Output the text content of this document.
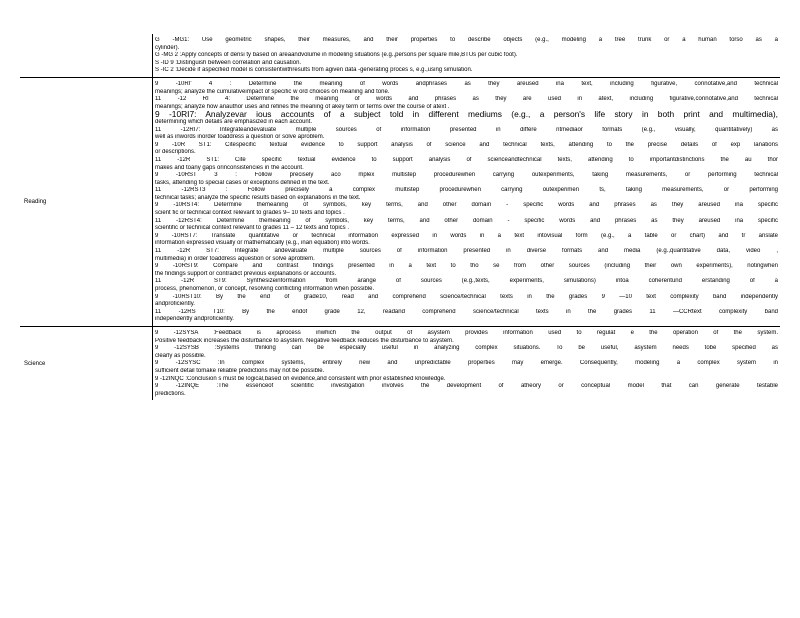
G -MG1: Use geometric shapes, their measures, and their properties to describe objects (e.g., modeling a tree trunk or a human torso as a
cylinder).
G -MG 2 :Apply concepts of densi ty based on areaandvolume in modeling situations (e.g.,persons per square mile,BTUs per cubic foot).
S -ID 9 :Distinguish between correlation and causation.
S -IC 2 :Decide if aspecified model is consistentwithresults from agiven data -generating proces s, e.g.,using simulation.
Reading
9 -10RI' 4 : Determine the meaning of words andphrases as they areused ina text, including figurative, connotative,and technical
meanings; analyze the cumulativeimpact of specific w ord choices on meaning and tone.
11 -12 RI 4: Determine the meaning of words and phrases as they are used in atext, including figurative,connotative,and technical
meanings; analyze how anauthor uses and refines the meaning of akey term or terms over the course of atext .
9 -10RI7: Analyzevar ious accounts of a subject told in different mediums (e.g., a person's life story in both print and multimedia),
determining which details are emphasized in each account.
11 -12RI7: Integrateandevaluate multiple sources of information presented in differe ntmediaor formats (e.g., visually, quantitatively) as
well as inwords inorder toaddress a question or solve aproblem.
9 -10R ST1: Citespecific textual evidence to support analysis of science and technical texts, attending to the precise details of exp lanations
or descriptions.
11 -12R ST1: Cite specific textual evidence to support analysis of scienceandtechnical texts, attending to importantdistinctions the au thor
makes and toany gaps orinconsistencies in the account.
9 -10RST 3 : Follow precisely aco mplex multistep procedurewhen carrying outexperiments, taking measurements, or performing technical
tasks, attending to special cases or exceptions defined in the text.
11 -12RST3 : Follow precisely a complex multistep procedurewhen carrying outexperimen ts, taking measurements, or performing
technical tasks; analyze the specific results based on explanations in the text.
9 -10RST4: Determine themeaning of symbols, key terms, and other domain - specific words and phrases as they areused ina specific
scient fic or technical context relevant to grades 9– 10 texts and topics .
11 -12RST4: Determine themeaning of symbols, key terms, and other domain - specific words and phrases as they areused ina specific
scientific or technical context relevant to grades 11 – 12 texts and topics .
9 -10RST7: Translate quantitative or technical information expressed in words in a text intovisual form (e.g., a table or chart) and tr anslate
information expressed visually or mathematically (e.g., inan equation) into words.
11 -12R ST7: Integrate andevaluate multiple sources of information presented in diverse formats and media (e.g.,quantitative data, video ,
multimedia) in order toaddress aquestion or solve aproblem.
9 -10RST9: Compare and contrast findings presented in a text to tho se from other sources (including their own experiments), notingwhen
the findings support or contradict previous explanations or accounts.
11 -12R ST9: Synthesizeinformation from arange of sources (e.g.,texts, experiments, simulations) intoa coherentund erstanding of a
process, phenomenon, or concept, resolving conflicting information when possible.
9 -10RST10: By the end of grade10, read and comprehend science/technical texts in the grades 9 —10 text complexity band independently
andproficiently.
11 -12RS T10: By the endof grade 12, readand comprehend science/technical texts in the grades 11 —CCRtext complexity band
independently andproficiently.
Science
9 -12SYSA :Feedback is aprocess inwhich the output of asystem provides information used to regulat e the operation of the system.
Positive feedback increases the disturbance to asystem. Negative feedback reduces the disturbance to asystem.
9 -12SYSB :Systems thinking can be especially useful in analyzing complex situations. To be useful, asystem needs tobe specified as
clearly as possible.
9 -12SYSC :In complex systems, entirely new and unpredictable properties may emerge. Consequently, modeling a complex system in
sufficient detail tomake reliable predictions may not be possible.
9 -12INQC :Conclusion s must be logical,based on evidence,and consistent with prior established knowledge.
9 -12INQE :The essenceof scientific investigation involves the development of atheory or conceptual model that can generate testable
predictions.
